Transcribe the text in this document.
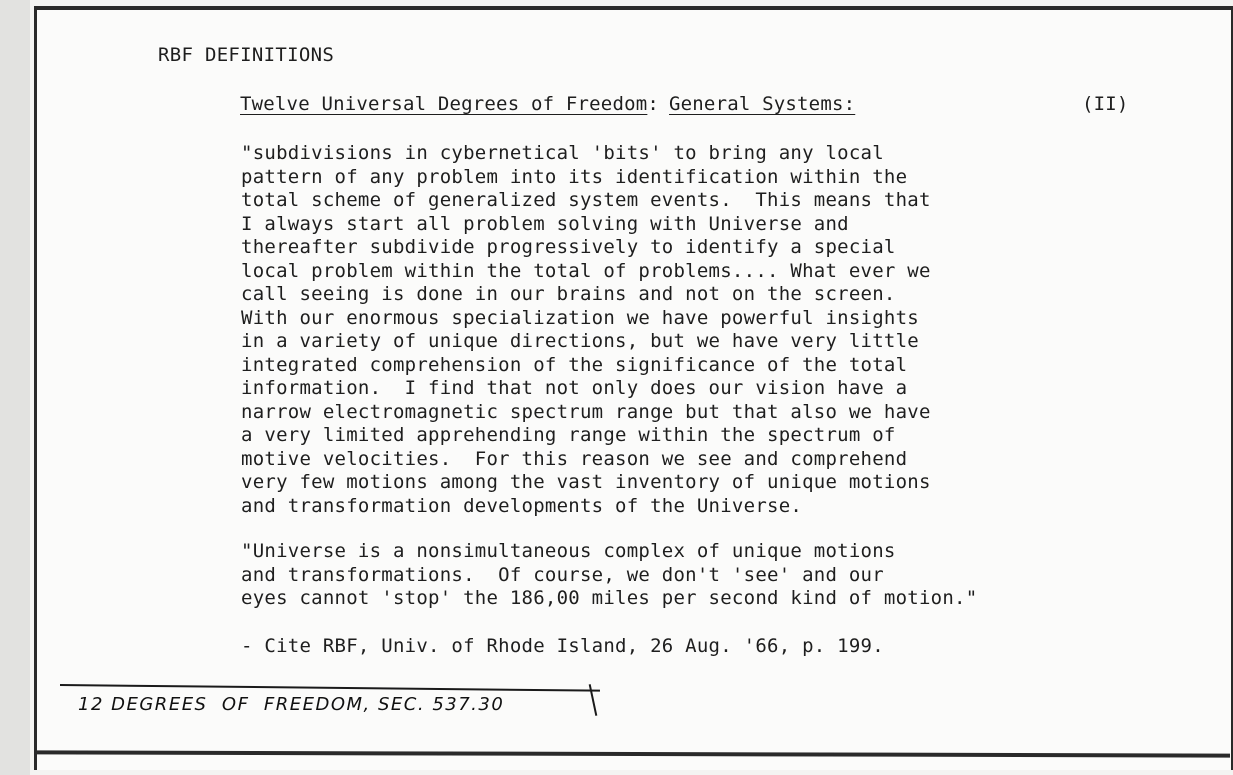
RBF DEFINITIONS
Twelve Universal Degrees of Freedom: General Systems:	(II)
"subdivisions in cybernetical 'bits' to bring any local
pattern of any problem into its identification within the
total scheme of generalized system events.  This means that
I always start all problem solving with Universe and
thereafter subdivide progressively to identify a special
local problem within the total of problems.... What ever we
call seeing is done in our brains and not on the screen.
With our enormous specialization we have powerful insights
in a variety of unique directions, but we have very little
integrated comprehension of the significance of the total
information.  I find that not only does our vision have a
narrow electromagnetic spectrum range but that also we have
a very limited apprehending range within the spectrum of
motive velocities.  For this reason we see and comprehend
very few motions among the vast inventory of unique motions
and transformation developments of the Universe.
"Universe is a nonsimultaneous complex of unique motions
and transformations.  Of course, we don't 'see' and our
eyes cannot 'stop' the 186,00 miles per second kind of motion."
- Cite RBF, Univ. of Rhode Island, 26 Aug. '66, p. 199.
12 DEGREES  OF  FREEDOM, SEC. 537.30
